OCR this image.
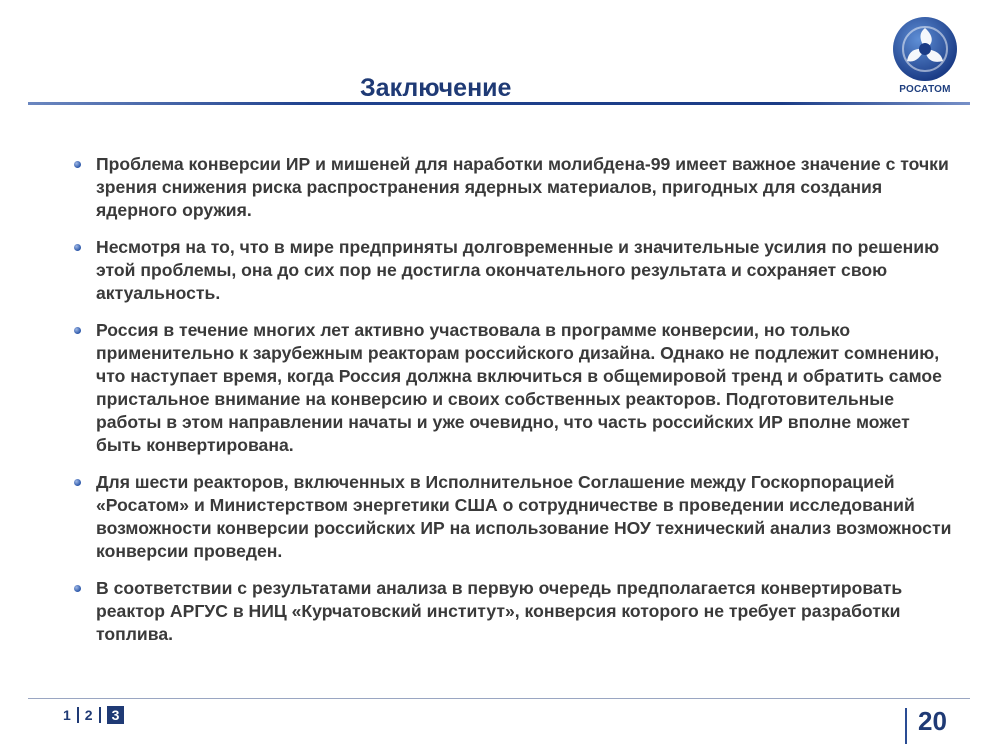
РОСАТОМ
Заключение
Проблема конверсии ИР и мишеней для наработки молибдена-99 имеет важное значение с точки зрения снижения риска распространения ядерных материалов, пригодных для создания ядерного оружия.
Несмотря на то, что в мире предприняты долговременные и значительные усилия по решению этой проблемы, она до сих пор не достигла окончательного результата и сохраняет свою актуальность.
Россия в течение многих лет активно участвовала в программе конверсии, но только применительно к зарубежным реакторам российского дизайна. Однако не подлежит сомнению, что наступает время, когда Россия должна включиться в общемировой тренд и обратить самое пристальное внимание на конверсию и своих собственных реакторов. Подготовительные работы в этом направлении начаты и уже очевидно, что часть российских ИР вполне может быть конвертирована.
Для шести реакторов, включенных в Исполнительное Соглашение между Госкорпорацией «Росатом» и Министерством энергетики США о сотрудничестве в проведении исследований возможности конверсии российских ИР на использование НОУ технический анализ возможности конверсии проведен.
В соответствии с результатами анализа в первую очередь предполагается конвертировать реактор АРГУС в НИЦ «Курчатовский институт», конверсия которого не требует разработки топлива.
1	2	3	20
